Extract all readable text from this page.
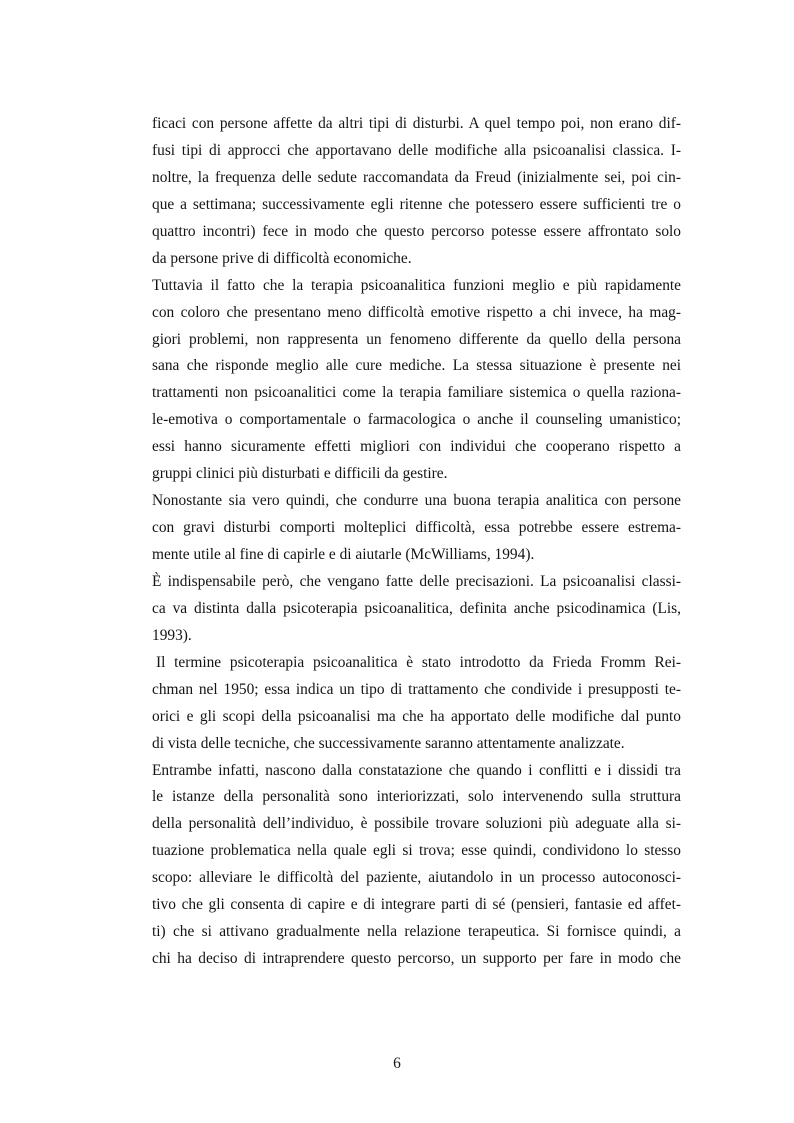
ficaci con persone affette da altri tipi di disturbi. A quel tempo poi, non erano dif-
fusi tipi di approcci che apportavano delle modifiche alla psicoanalisi classica. I-
noltre, la frequenza delle sedute raccomandata da Freud (inizialmente sei, poi cin-
que a settimana; successivamente egli ritenne che potessero essere sufficienti tre o
quattro incontri) fece in modo che questo percorso potesse essere affrontato solo
da persone prive di difficoltà economiche.
Tuttavia il fatto che la terapia psicoanalitica funzioni meglio e più rapidamente
con coloro che presentano meno difficoltà emotive rispetto a chi invece, ha mag-
giori problemi, non rappresenta un fenomeno differente da quello della persona
sana che risponde meglio alle cure mediche. La stessa situazione è presente nei
trattamenti non psicoanalitici come la terapia familiare sistemica o quella raziona-
le-emotiva o comportamentale o farmacologica o anche il counseling umanistico;
essi hanno sicuramente effetti migliori con individui che cooperano rispetto a
gruppi clinici più disturbati e difficili da gestire.
Nonostante sia vero quindi, che condurre una buona terapia analitica con persone
con gravi disturbi comporti molteplici difficoltà, essa potrebbe essere estrema-
mente utile al fine di capirle e di aiutarle (McWilliams, 1994).
È indispensabile però, che vengano fatte delle precisazioni. La psicoanalisi classi-
ca va distinta dalla psicoterapia psicoanalitica, definita anche psicodinamica (Lis,
1993).
Il termine psicoterapia psicoanalitica è stato introdotto da Frieda Fromm Rei-
chman nel 1950; essa indica un tipo di trattamento che condivide i presupposti te-
orici e gli scopi della psicoanalisi ma che ha apportato delle modifiche dal punto
di vista delle tecniche, che successivamente saranno attentamente analizzate.
Entrambe infatti, nascono dalla constatazione che quando i conflitti e i dissidi tra
le istanze della personalità sono interiorizzati, solo intervenendo sulla struttura
della personalità dell’individuo, è possibile trovare soluzioni più adeguate alla si-
tuazione problematica nella quale egli si trova; esse quindi, condividono lo stesso
scopo: alleviare le difficoltà del paziente, aiutandolo in un processo autoconosci-
tivo che gli consenta di capire e di integrare parti di sé (pensieri, fantasie ed affet-
ti) che si attivano gradualmente nella relazione terapeutica. Si fornisce quindi, a
chi ha deciso di intraprendere questo percorso, un supporto per fare in modo che
6
